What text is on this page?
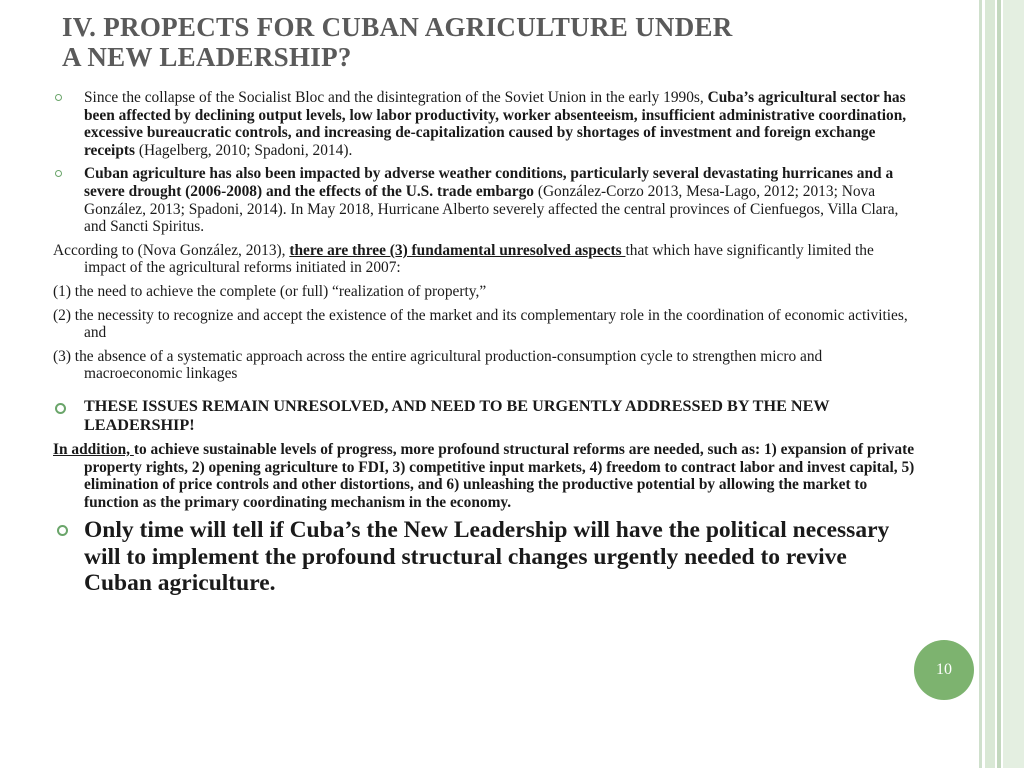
IV. PROPECTS FOR CUBAN AGRICULTURE UNDER
A NEW LEADERSHIP?

Since the collapse of the Socialist Bloc and the disintegration of the Soviet Union in the early 1990s, Cuba’s agricultural sector has been affected by declining output levels, low labor productivity, worker absenteeism, insufficient administrative coordination, excessive bureaucratic controls, and increasing de-capitalization caused by shortages of investment and foreign exchange receipts (Hagelberg, 2010; Spadoni, 2014).

Cuban agriculture has also been impacted by adverse weather conditions, particularly several devastating hurricanes and a severe drought (2006-2008) and the effects of the U.S. trade embargo (González-Corzo 2013, Mesa-Lago, 2012; 2013; Nova González, 2013; Spadoni, 2014). In May 2018, Hurricane Alberto severely affected the central provinces of Cienfuegos, Villa Clara, and Sancti Spiritus.

According to (Nova González, 2013), there are three (3) fundamental unresolved aspects that which have significantly limited the impact of the agricultural reforms initiated in 2007:

(1) the need to achieve the complete (or full) “realization of property,”

(2) the necessity to recognize and accept the existence of the market and its complementary role in the coordination of economic activities, and

(3) the absence of a systematic approach across the entire agricultural production-consumption cycle to strengthen micro and macroeconomic linkages

THESE ISSUES REMAIN UNRESOLVED, AND NEED TO BE URGENTLY ADDRESSED BY THE NEW LEADERSHIP!

In addition, to achieve sustainable levels of progress, more profound structural reforms are needed, such as: 1) expansion of private property rights, 2) opening agriculture to FDI, 3) competitive input markets, 4) freedom to contract labor and invest capital, 5) elimination of price controls and other distortions, and 6) unleashing the productive potential by allowing the market to function as the primary coordinating mechanism in the economy.

Only time will tell if Cuba’s the New Leadership will have the political necessary will to implement the profound structural changes urgently needed to revive Cuban agriculture.

10
